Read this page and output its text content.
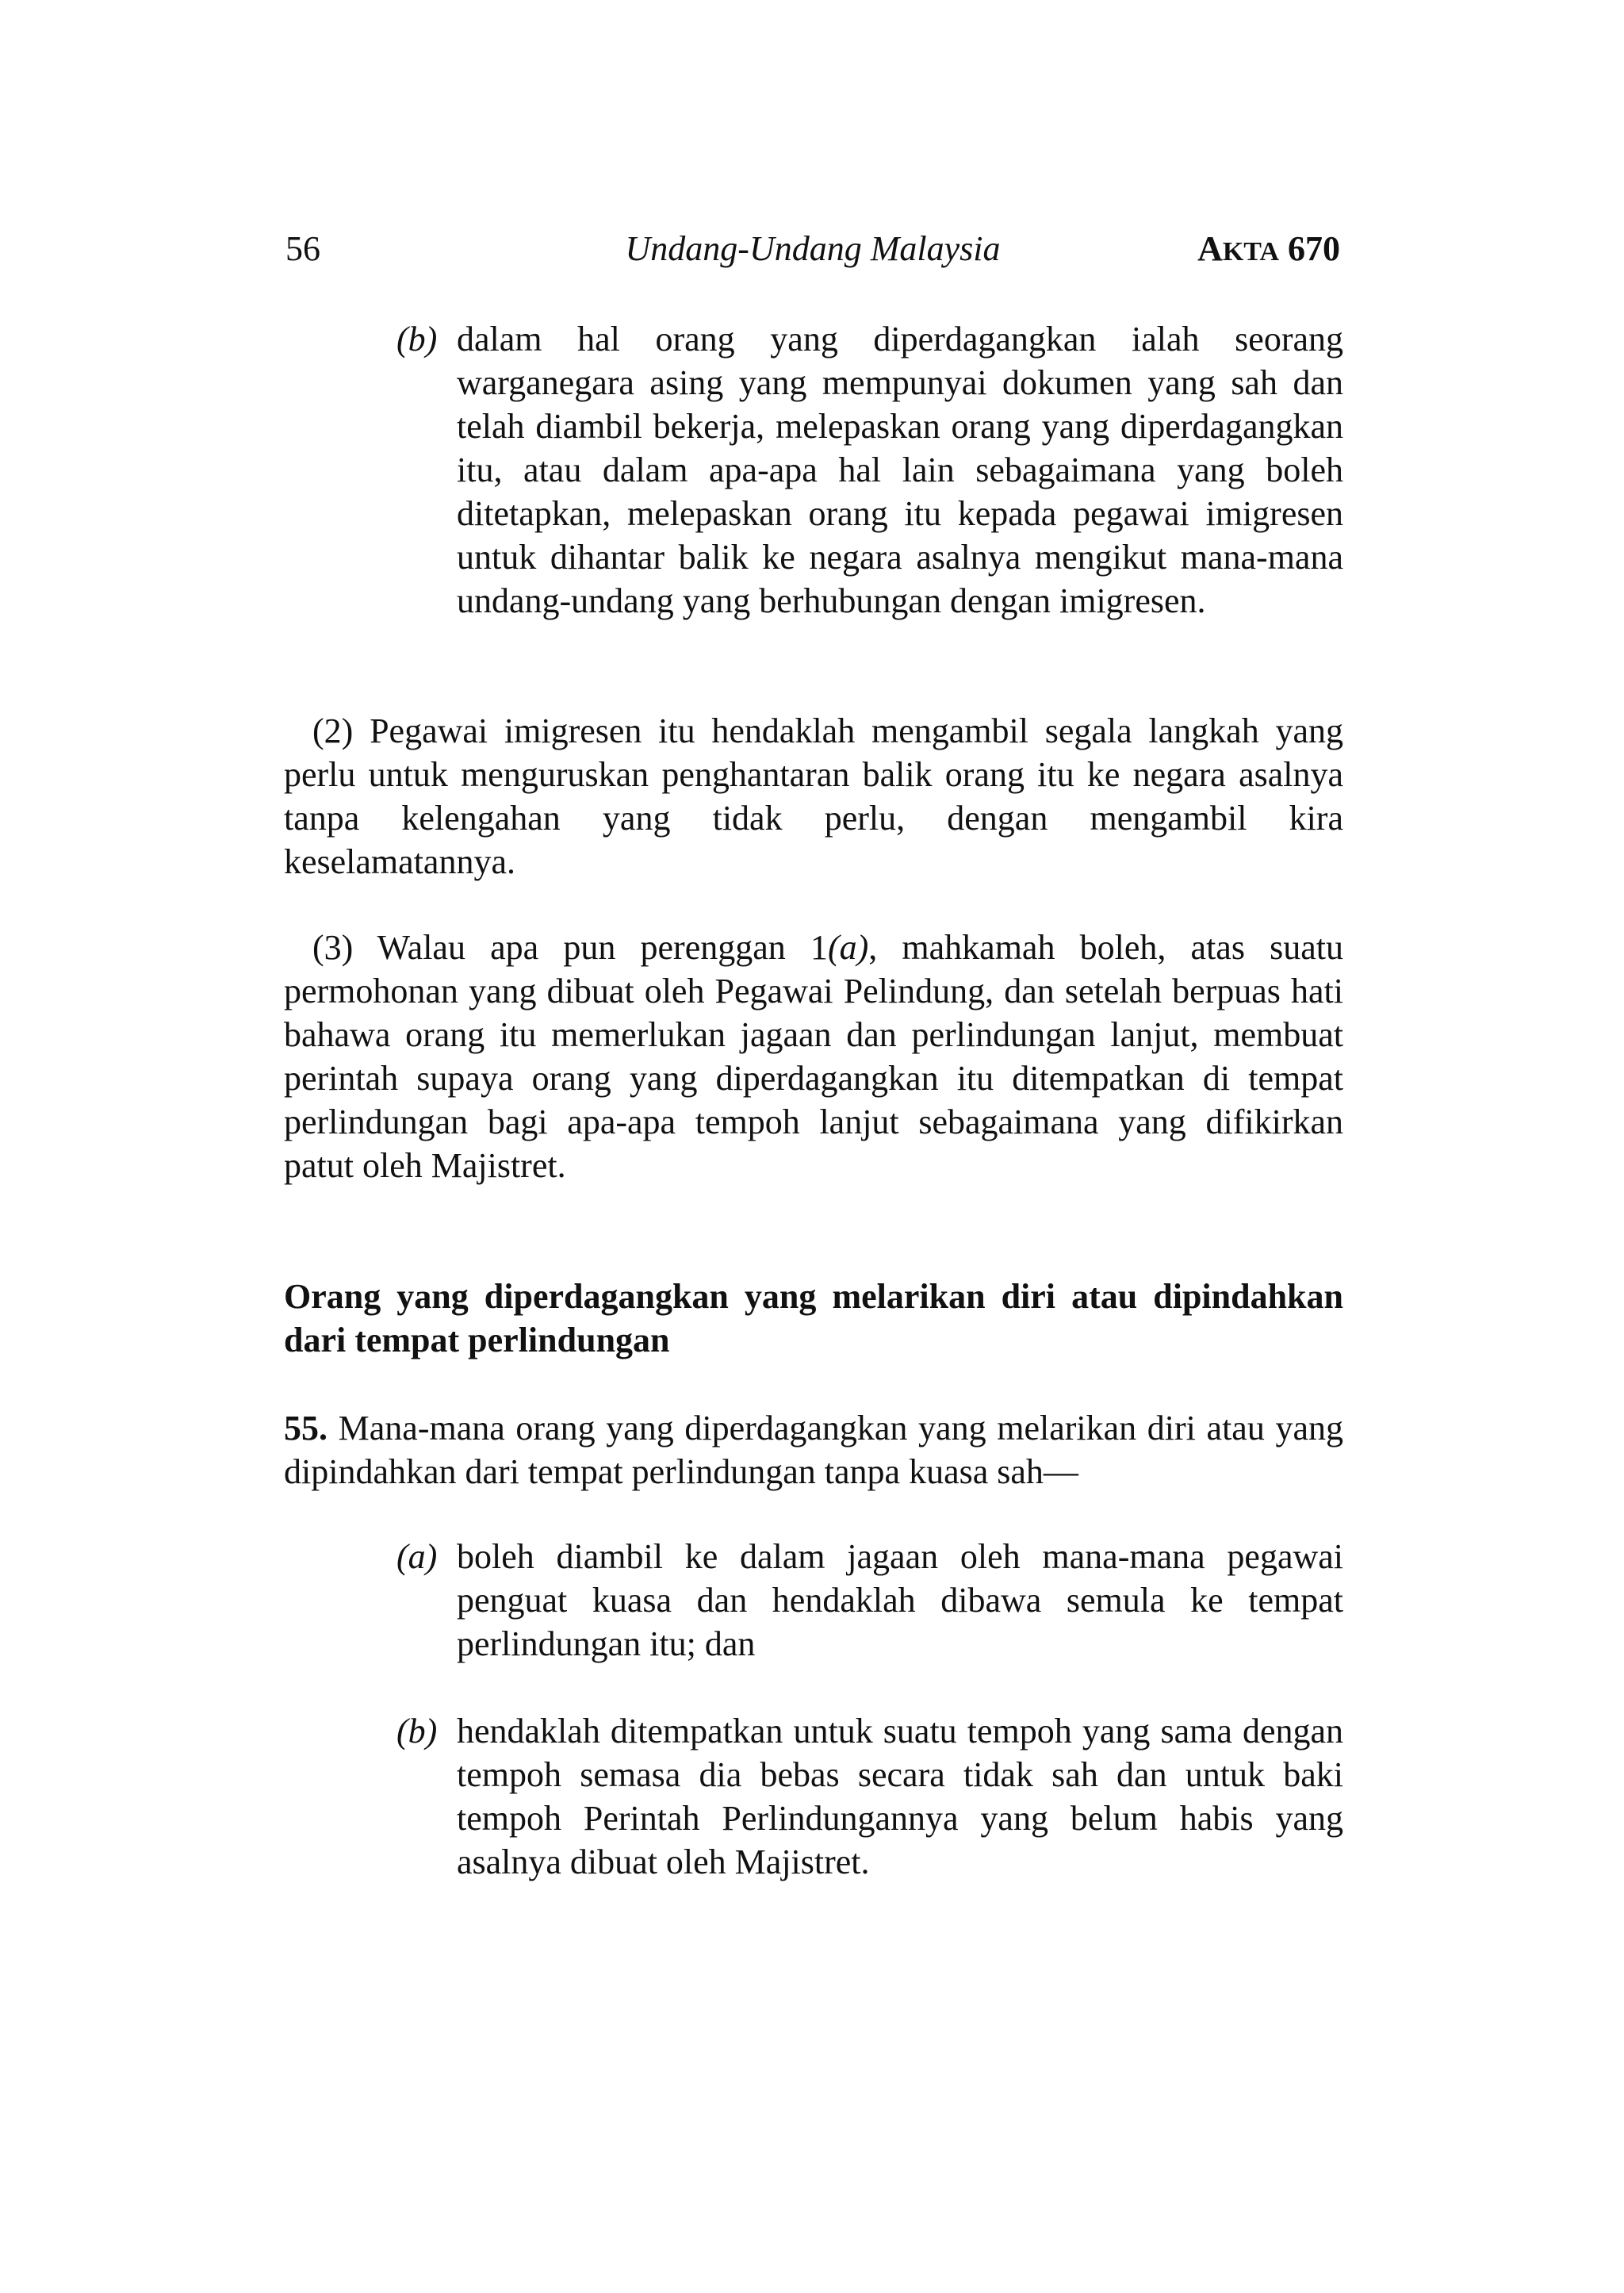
56	Undang-Undang Malaysia	AKTA 670
(b) dalam hal orang yang diperdagangkan ialah seorang warganegara asing yang mempunyai dokumen yang sah dan telah diambil bekerja, melepaskan orang yang diperdagangkan itu, atau dalam apa-apa hal lain sebagaimana yang boleh ditetapkan, melepaskan orang itu kepada pegawai imigresen untuk dihantar balik ke negara asalnya mengikut mana-mana undang-undang yang berhubungan dengan imigresen.

(2) Pegawai imigresen itu hendaklah mengambil segala langkah yang perlu untuk menguruskan penghantaran balik orang itu ke negara asalnya tanpa kelengahan yang tidak perlu, dengan mengambil kira keselamatannya.

(3) Walau apa pun perenggan 1(a), mahkamah boleh, atas suatu permohonan yang dibuat oleh Pegawai Pelindung, dan setelah berpuas hati bahawa orang itu memerlukan jagaan dan perlindungan lanjut, membuat perintah supaya orang yang diperdagangkan itu ditempatkan di tempat perlindungan bagi apa-apa tempoh lanjut sebagaimana yang difikirkan patut oleh Majistret.

Orang yang diperdagangkan yang melarikan diri atau dipindahkan dari tempat perlindungan

55. Mana-mana orang yang diperdagangkan yang melarikan diri atau yang dipindahkan dari tempat perlindungan tanpa kuasa sah—

(a) boleh diambil ke dalam jagaan oleh mana-mana pegawai penguat kuasa dan hendaklah dibawa semula ke tempat perlindungan itu; dan

(b) hendaklah ditempatkan untuk suatu tempoh yang sama dengan tempoh semasa dia bebas secara tidak sah dan untuk baki tempoh Perintah Perlindungannya yang belum habis yang asalnya dibuat oleh Majistret.
